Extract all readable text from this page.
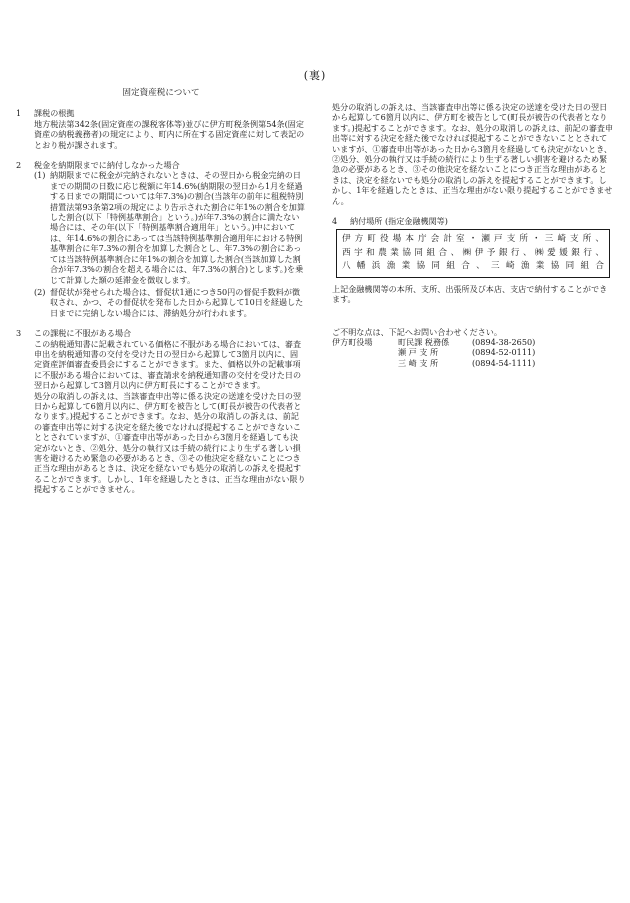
(裏)
固定資産税について
1	課税の根拠
地方税法第342条(固定資産の課税客体等)並びに伊方町税条例第54条(固定資産の納税義務者)の規定により、町内に所在する固定資産に対して表記のとおり税が課されます。
2	税金を納期限までに納付しなかった場合
(1) 納期限までに税金が完納されないときは、その翌日から税金完納の日までの期間の日数に応じ税額に年14.6%(納期限の翌日から1月を経過する日までの期間については年7.3%)の割合(当該年の前年に租税特別措置法第93条第2項の規定により告示された割合に年1%の割合を加算した割合(以下「特例基準割合」という。)が年7.3%の割合に満たない場合には、その年(以下「特例基準割合適用年」という。)中においては、年14.6%の割合にあっては当該特例基準割合適用年における特例基準割合に年7.3%の割合を加算した割合とし、年7.3%の割合にあっては当該特例基準割合に年1%の割合を加算した割合(当該加算した割合が年7.3%の割合を超える場合には、年7.3%の割合)とします。)を乗じて計算した額の延滞金を徴収します。
(2) 督促状が発せられた場合は、督促状1通につき50円の督促手数料が徴収され、かつ、その督促状を発布した日から起算して10日を経過した日までに完納しない場合には、滞納処分が行われます。
3	この課税に不服がある場合
この納税通知書に記載されている価格に不服がある場合においては、審査申出を納税通知書の交付を受けた日の翌日から起算して3箇月以内に、固定資産評価審査委員会にすることができます。また、価格以外の記載事項に不服がある場合においては、審査請求を納税通知書の交付を受けた日の翌日から起算して3箇月以内に伊方町長にすることができます。
処分の取消しの訴えは、当該審査申出等に係る決定の送達を受けた日の翌日から起算して6箇月以内に、伊方町を被告として(町長が被告の代表者となります。)提起することができます。なお、処分の取消しの訴えは、前記の審査申出等に対する決定を経た後でなければ提起することができないこととされていますが、①審査申出等があった日から3箇月を経過しても決定がないとき、②処分、処分の執行又は手続の続行により生ずる著しい損害を避けるため緊急の必要があるとき、③その他決定を経ないことにつき正当な理由があるときは、決定を経ないでも処分の取消しの訴えを提起することができます。しかし、1年を経過したときは、正当な理由がない限り提起することができません。
処分の取消しの訴えは、当該審査申出等に係る決定の送達を受けた日の翌日から起算して6箇月以内に、伊方町を被告として(町長が被告の代表者となります。)提起することができます。なお、処分の取消しの訴えは、前記の審査申出等に対する決定を経た後でなければ提起することができないこととされていますが、①審査申出等があった日から3箇月を経過しても決定がないとき、②処分、処分の執行又は手続の続行により生ずる著しい損害を避けるため緊急の必要があるとき、③その他決定を経ないことにつき正当な理由があるときは、決定を経ないでも処分の取消しの訴えを提起することができます。しかし、1年を経過したときは、正当な理由がない限り提起することができません。
4	納付場所 (指定金融機関等)
伊方町役場本庁会計室・瀬戸支所・三崎支所、
西宇和農業協同組合、㈱伊予銀行、㈱愛媛銀行、
八幡浜漁業協同組合、三崎漁業協同組合
上記金融機関等の本所、支所、出張所及び本店、支店で納付することができます。
ご不明な点は、下記へお問い合わせください。
伊方町役場	町民課 税務係	(0894-38-2650)
瀬 戸 支 所	(0894-52-0111)
三 崎 支 所	(0894-54-1111)
